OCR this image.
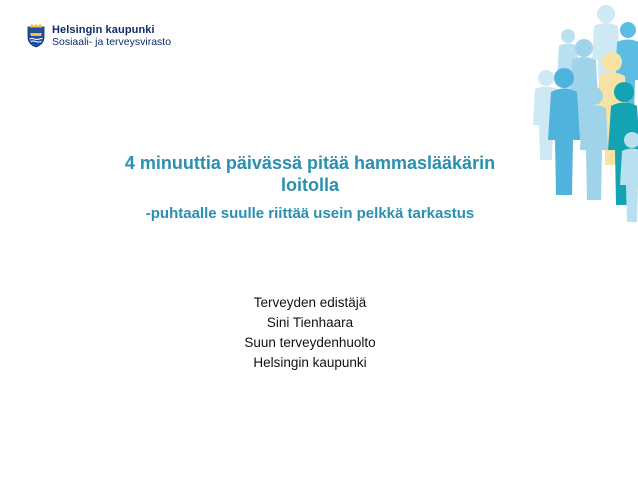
Helsingin kaupunki
Sosiaali- ja terveysvirasto

4 minuuttia päivässä pitää hammaslääkärin
loitolla

-puhtaalle suulle riittää usein pelkkä tarkastus

Terveyden edistäjä
Sini Tienhaara
Suun terveydenhuolto
Helsingin kaupunki
